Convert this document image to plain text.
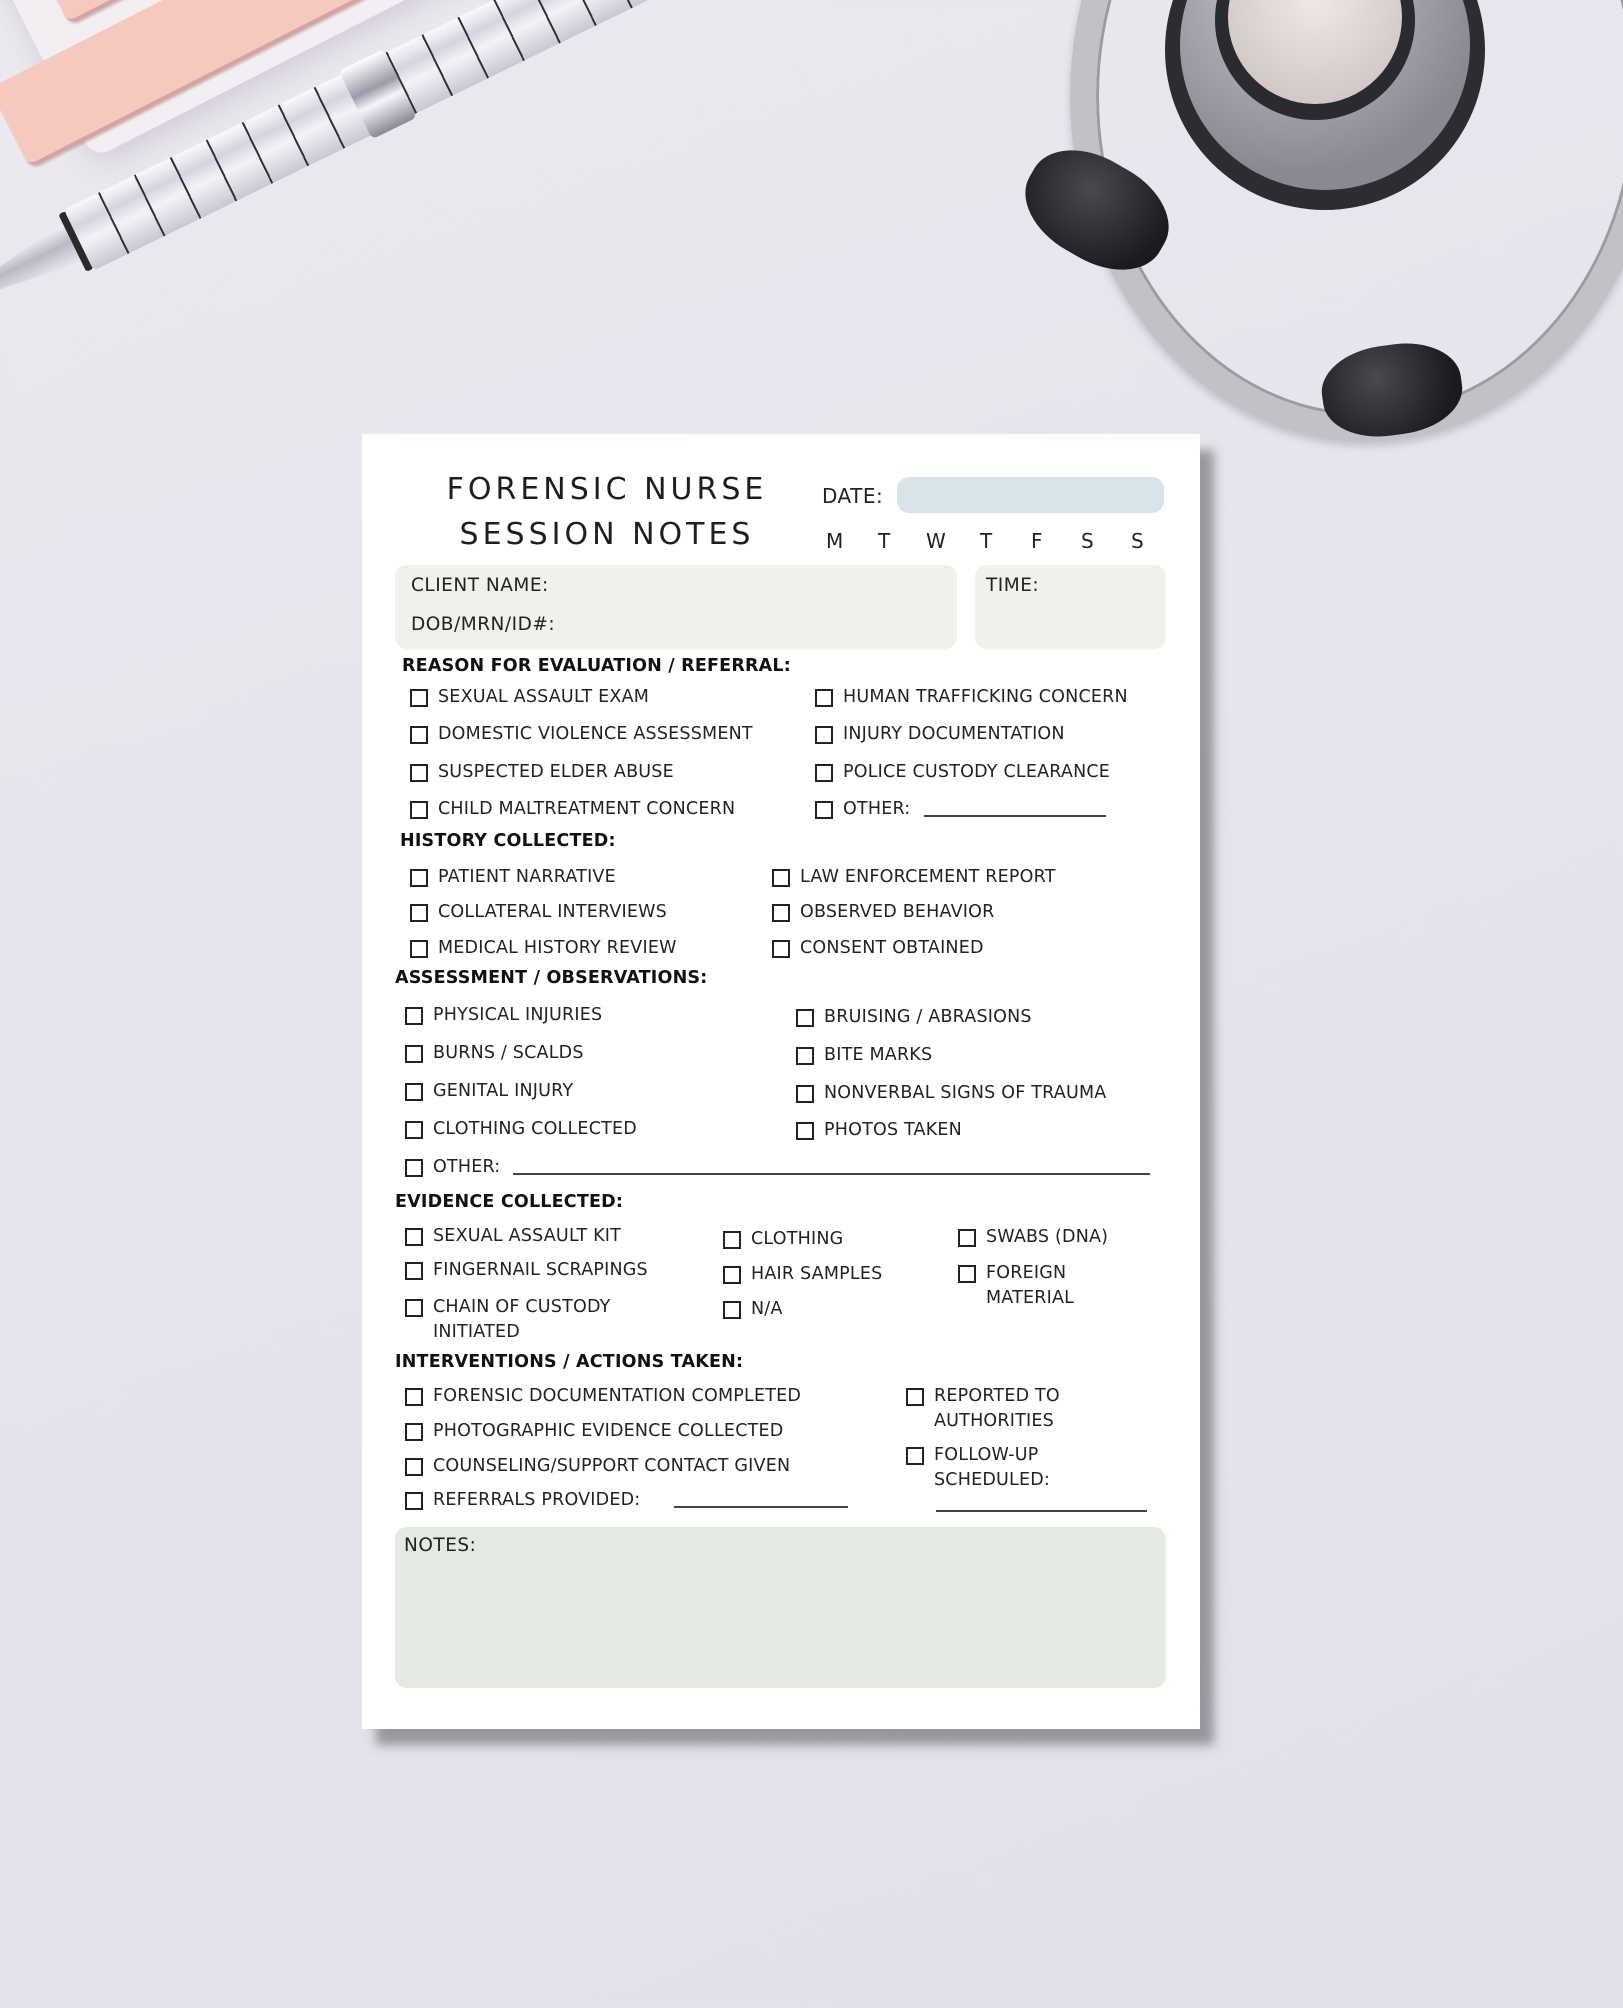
FORENSIC NURSE
SESSION NOTES
DATE:
M T W T F S S
CLIENT NAME:
DOB/MRN/ID#:
TIME:
REASON FOR EVALUATION / REFERRAL:
SEXUAL ASSAULT EXAM
DOMESTIC VIOLENCE ASSESSMENT
SUSPECTED ELDER ABUSE
CHILD MALTREATMENT CONCERN
HUMAN TRAFFICKING CONCERN
INJURY DOCUMENTATION
POLICE CUSTODY CLEARANCE
OTHER:
HISTORY COLLECTED:
PATIENT NARRATIVE
COLLATERAL INTERVIEWS
MEDICAL HISTORY REVIEW
LAW ENFORCEMENT REPORT
OBSERVED BEHAVIOR
CONSENT OBTAINED
ASSESSMENT / OBSERVATIONS:
PHYSICAL INJURIES
BURNS / SCALDS
GENITAL INJURY
CLOTHING COLLECTED
OTHER:
BRUISING / ABRASIONS
BITE MARKS
NONVERBAL SIGNS OF TRAUMA
PHOTOS TAKEN
EVIDENCE COLLECTED:
SEXUAL ASSAULT KIT
FINGERNAIL SCRAPINGS
CHAIN OF CUSTODY
INITIATED
CLOTHING
HAIR SAMPLES
N/A
SWABS (DNA)
FOREIGN
MATERIAL
INTERVENTIONS / ACTIONS TAKEN:
FORENSIC DOCUMENTATION COMPLETED
PHOTOGRAPHIC EVIDENCE COLLECTED
COUNSELING/SUPPORT CONTACT GIVEN
REFERRALS PROVIDED:
REPORTED TO
AUTHORITIES
FOLLOW-UP
SCHEDULED:
NOTES:
